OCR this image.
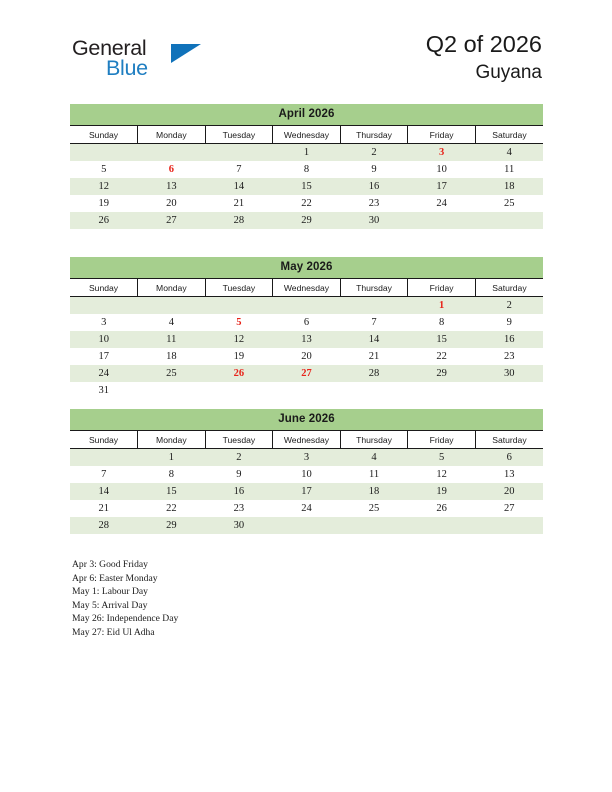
General
Blue
Q2 of 2026
Guyana
April 2026
Sunday	Monday	Tuesday	Wednesday	Thursday	Friday	Saturday
			1	2	3	4
5	6	7	8	9	10	11
12	13	14	15	16	17	18
19	20	21	22	23	24	25
26	27	28	29	30		
May 2026
Sunday	Monday	Tuesday	Wednesday	Thursday	Friday	Saturday
					1	2
3	4	5	6	7	8	9
10	11	12	13	14	15	16
17	18	19	20	21	22	23
24	25	26	27	28	29	30
31						
June 2026
Sunday	Monday	Tuesday	Wednesday	Thursday	Friday	Saturday
	1	2	3	4	5	6
7	8	9	10	11	12	13
14	15	16	17	18	19	20
21	22	23	24	25	26	27
28	29	30				
Apr 3: Good Friday
Apr 6: Easter Monday
May 1: Labour Day
May 5: Arrival Day
May 26: Independence Day
May 27: Eid Ul Adha
